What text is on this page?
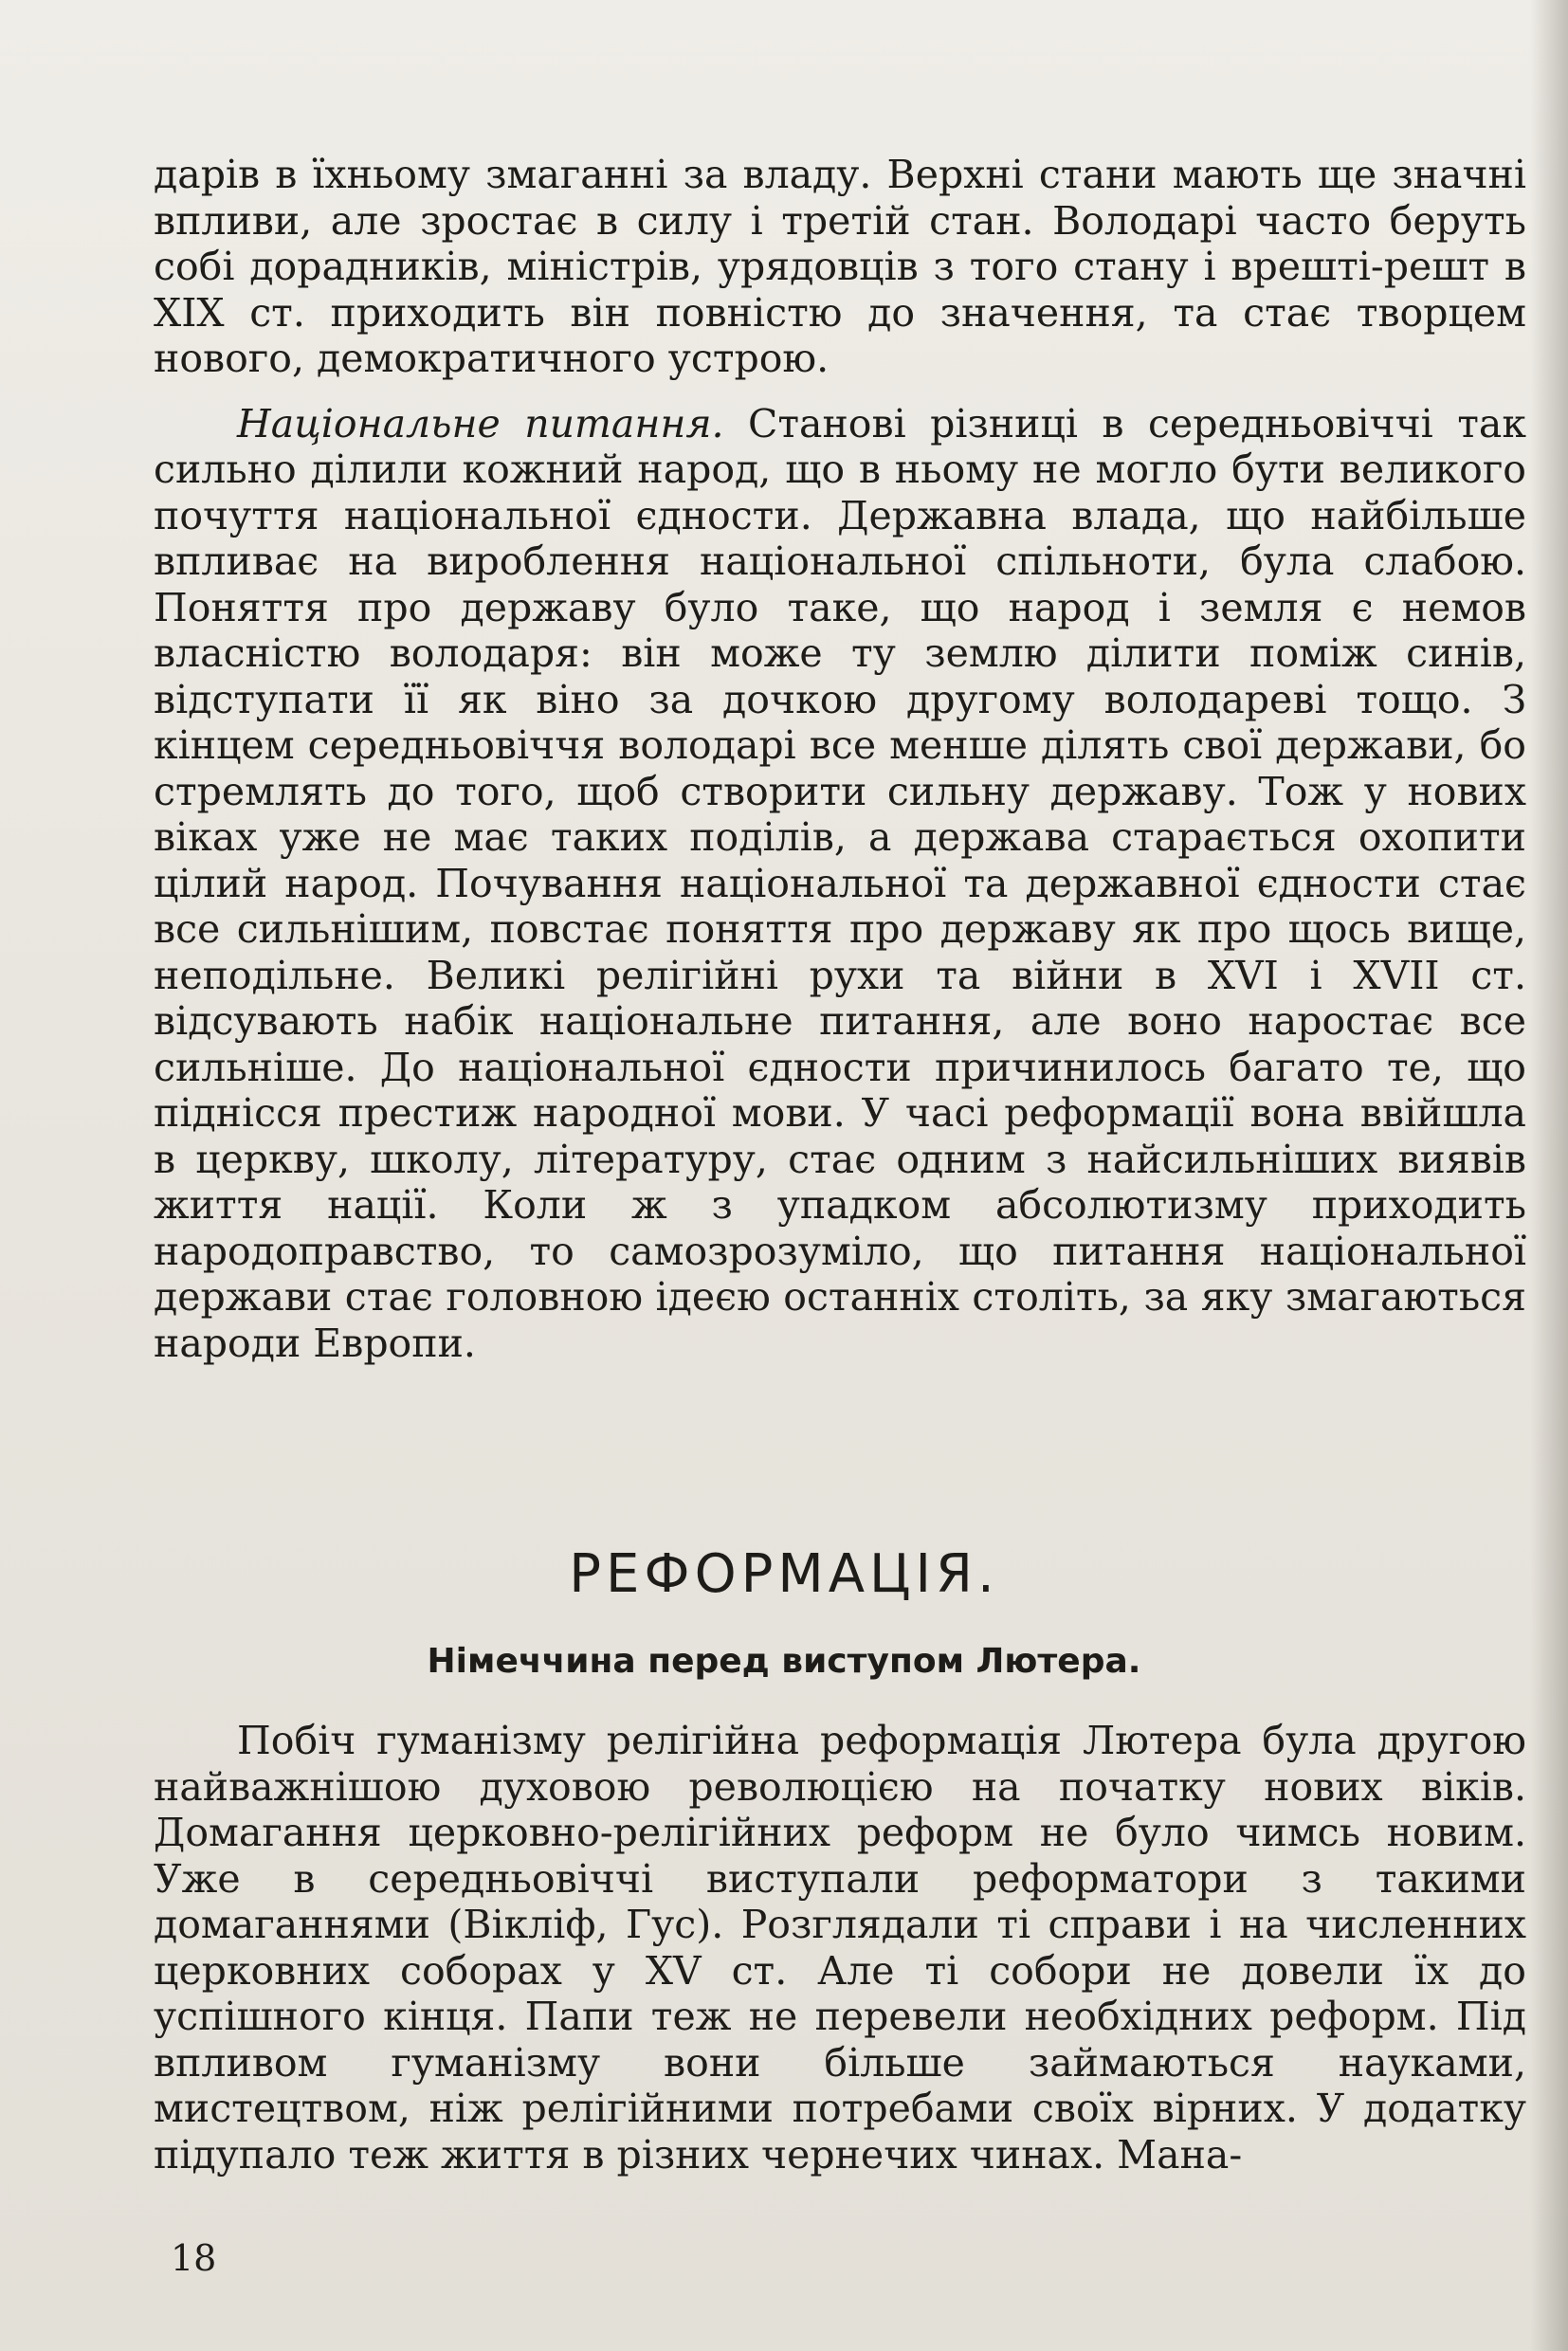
дарів в їхньому змаганні за владу. Верхні стани мають ще значні впливи, але зростає в силу і третій стан. Володарі часто беруть собі дорадників, міністрів, урядовців з того стану і врешті-решт в XIX ст. приходить він повністю до значення, та стає творцем нового, демократичного устрою.

Національне питання. Станові різниці в середньовіччі так сильно ділили кожний народ, що в ньому не могло бути великого почуття національної єдности. Державна влада, що найбільше впливає на вироблення національної спільноти, була слабою. Поняття про державу було таке, що народ і земля є немов власністю володаря: він може ту землю ділити поміж синів, відступати її як віно за дочкою другому володареві тощо. З кінцем середньовіччя володарі все менше ділять свої держави, бо стремлять до того, щоб створити сильну державу. Тож у нових віках уже не має таких поділів, а держава старається охопити цілий народ. Почування національної та державної єдности стає все сильнішим, повстає поняття про державу як про щось вище, неподільне. Великі релігійні рухи та війни в XVI і XVII ст. відсувають набік національне питання, але воно наростає все сильніше. До національної єдности причинилось багато те, що піднісся престиж народної мови. У часі реформації вона ввійшла в церкву, школу, літературу, стає одним з найсильніших виявів життя нації. Коли ж з упадком абсолютизму приходить народоправство, то самозрозуміло, що питання національної держави стає головною ідеєю останніх століть, за яку змагаються народи Европи.

РЕФОРМАЦІЯ.
Німеччина перед виступом Лютера.

Побіч гуманізму релігійна реформація Лютера була другою найважнішою духовою революцією на початку нових віків. Домагання церковно-релігійних реформ не було чимсь новим. Уже в середньовіччі виступали реформатори з такими домаганнями (Вікліф, Гус). Розглядали ті справи і на численних церковних соборах у XV ст. Але ті собори не довели їх до успішного кінця. Папи теж не перевели необхідних реформ. Під впливом гуманізму вони більше займаються науками, мистецтвом, ніж релігійними потребами своїх вірних. У додатку підупало теж життя в різних чернечих чинах. Мана-

18
